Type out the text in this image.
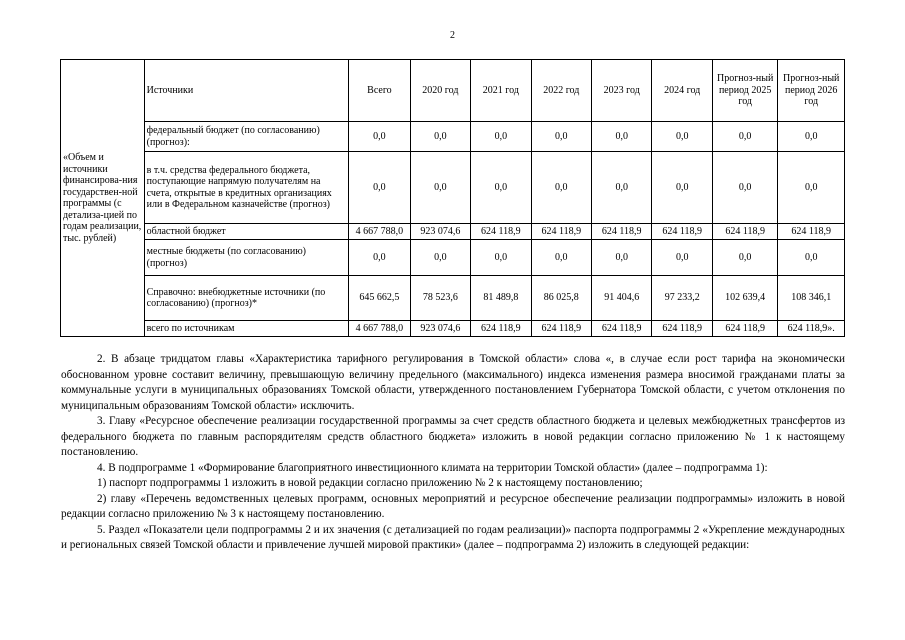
2
«Объем и источники финансирова-ния государствен-ной программы (с детализа-цией по годам реализации, тыс. рублей)	Источники	Всего	2020 год	2021 год	2022 год	2023 год	2024 год	Прогноз-ный период 2025 год	Прогноз-ный период 2026 год
	федеральный бюджет (по согласованию) (прогноз):	0,0	0,0	0,0	0,0	0,0	0,0	0,0	0,0
	в т.ч. средства федерального бюджета, поступающие напрямую получателям на счета, открытые в кредитных организациях или в Федеральном казначействе (прогноз)	0,0	0,0	0,0	0,0	0,0	0,0	0,0	0,0
	областной бюджет	4 667 788,0	923 074,6	624 118,9	624 118,9	624 118,9	624 118,9	624 118,9	624 118,9
	местные бюджеты (по согласованию) (прогноз)	0,0	0,0	0,0	0,0	0,0	0,0	0,0	0,0
	Справочно: внебюджетные источники (по согласованию) (прогноз)*	645 662,5	78 523,6	81 489,8	86 025,8	91 404,6	97 233,2	102 639,4	108 346,1
	всего по источникам	4 667 788,0	923 074,6	624 118,9	624 118,9	624 118,9	624 118,9	624 118,9	624 118,9».

2. В абзаце тридцатом главы «Характеристика тарифного регулирования в Томской области» слова «, в случае если рост тарифа на экономически обоснованном уровне составит величину, превышающую величину предельного (максимального) индекса изменения размера вносимой гражданами платы за коммунальные услуги в муниципальных образованиях Томской области, утвержденного постановлением Губернатора Томской области, с учетом отклонения по муниципальным образованиям Томской области» исключить.

3. Главу «Ресурсное обеспечение реализации государственной программы за счет средств областного бюджета и целевых межбюджетных трансфертов из федерального бюджета по главным распорядителям средств областного бюджета» изложить в новой редакции согласно приложению № 1 к настоящему постановлению.

4. В подпрограмме 1 «Формирование благоприятного инвестиционного климата на территории Томской области» (далее – подпрограмма 1):

1) паспорт подпрограммы 1 изложить в новой редакции согласно приложению № 2 к настоящему постановлению;

2) главу «Перечень ведомственных целевых программ, основных мероприятий и ресурсное обеспечение реализации подпрограммы» изложить в новой редакции согласно приложению № 3 к настоящему постановлению.

5. Раздел «Показатели цели подпрограммы 2 и их значения (с детализацией по годам реализации)» паспорта подпрограммы 2 «Укрепление международных и региональных связей Томской области и привлечение лучшей мировой практики» (далее – подпрограмма 2) изложить в следующей редакции:
